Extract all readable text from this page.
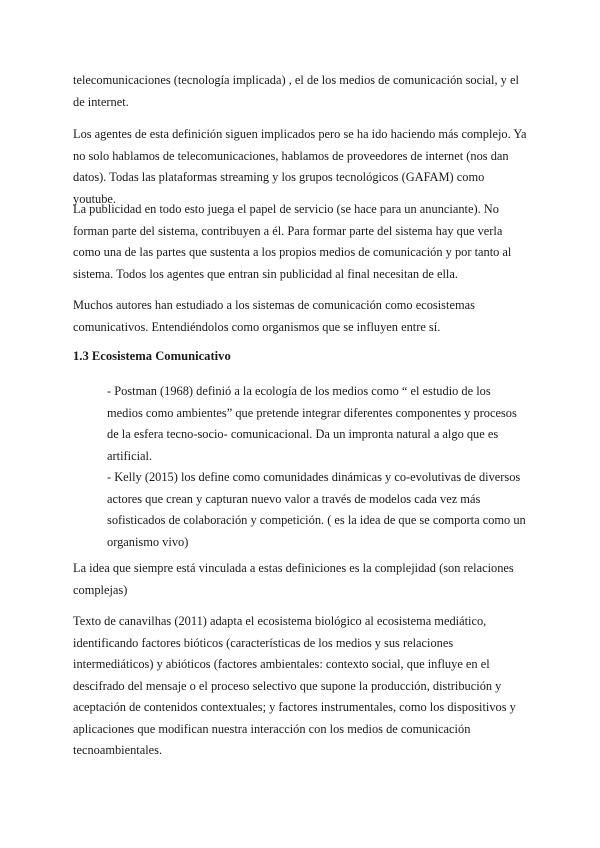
telecomunicaciones (tecnología implicada) , el de los medios de comunicación social, y el de internet.

Los agentes de esta definición siguen implicados pero se ha ido haciendo más complejo. Ya no solo hablamos de telecomunicaciones, hablamos de proveedores de internet (nos dan datos). Todas las plataformas streaming y los grupos tecnológicos (GAFAM) como youtube.

La publicidad en todo esto juega el papel de servicio (se hace para un anunciante). No forman parte del sistema, contribuyen a él. Para formar parte del sistema hay que verla como una de las partes que sustenta a los propios medios de comunicación y por tanto al sistema. Todos los agentes que entran sin publicidad al final necesitan de ella.

Muchos autores han estudiado a los sistemas de comunicación como ecosistemas comunicativos. Entendiéndolos como organismos que se influyen entre sí.

1.3 Ecosistema Comunicativo
- Postman (1968) definió a la ecología de los medios como “ el estudio de los medios como ambientes” que pretende integrar diferentes componentes y procesos de la esfera tecno-socio- comunicacional. Da un impronta natural a algo que es artificial.
- Kelly (2015) los define como comunidades dinámicas y co-evolutivas de diversos actores que crean y capturan nuevo valor a través de modelos cada vez más sofisticados de colaboración y competición. ( es la idea de que se comporta como un organismo vivo)

La idea que siempre está vinculada a estas definiciones es la complejidad (son relaciones complejas)

Texto de canavilhas (2011) adapta el ecosistema biológico al ecosistema mediático, identificando factores bióticos (características de los medios y sus relaciones intermediáticos) y abióticos (factores ambientales: contexto social, que influye en el descifrado del mensaje o el proceso selectivo que supone la producción, distribución y aceptación de contenidos contextuales; y factores instrumentales, como los dispositivos y aplicaciones que modifican nuestra interacción con los medios de comunicación tecnoambientales.
